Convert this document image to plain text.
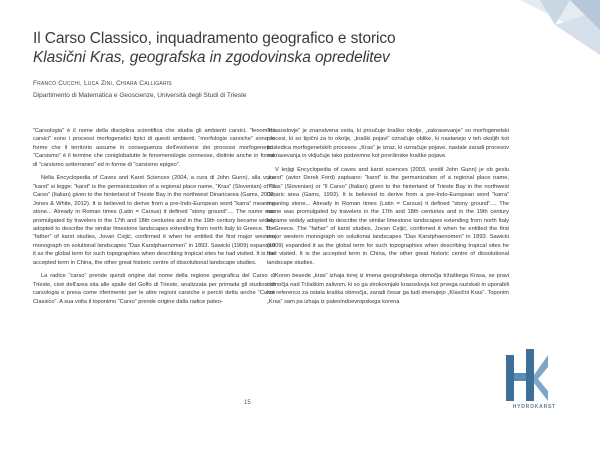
Il Carso Classico, inquadramento geografico e storico
Klasični Kras, geografska in zgodovinska opredelitev
Franco Cucchi, Luca Zini, Chiara Calligaris
Dipartimento di Matematica e Geoscienze, Università degli Studi di Trieste

“Carsologia” è il nome della disciplina scientifica che studia gli ambienti carsici, “fenomeni carsici” sono i processi morfogenetici tipici di questi ambienti, “morfologie carsiche” sono le forme che il territorio assume in conseguenza dell'evolversi dei processi morfogenetici. “Carsismo” è il termine che coniglobatutte le fenomenologie connesse, distinte anche in forme di “carsismo sotterraneo” ed in forme di “carsismo epigeo”.

Nella Encyclopedia of Caves and Karst Sciences (2004, a cura di John Gunn), alla voce “karst” si legge: “karst” is the germanicization of a regional place name, “Kras” (Slovenian) or “Il Carso” (Italian) given to the hinterland of Trieste Bay in the northwest Dinaricarea (Gams, 2003; Jones & White, 2012). It is believed to derive from a pre-Indo-European word “karra” meaning stone... Already in Roman times (Latin = Carsus) it defined “stony ground”.... The name was promulgated by travelers in the 17th and 18th centuries and in the 19th century became widely adopted to describe the similar limestone landscapes extending from north Italy to Greece. The “father” of karst studies, Jovan Cvijić, confirmed it when he entitled the first major western monograph on solutional landscapes “Das Karstphaenomen” in 1893. Sawicki (1909) expanded it as the global term for such topographies when describing tropical sites he had visited. It is the accepted term in China, the other great historic centre of dissolutional landscape studies.

La radice “carso” prende quindi origine dal nome della regione geografica del Carso di Trieste, cioè dell'area sita alle spalle del Golfo di Trieste, analizzata per primada gli studiosi di carsologia e presa come riferimento per le altre regioni carsiche e perciò detta anche “Carso Classico”. A sua volta il toponimo “Carso” prende origine dalla radice paleo-

“Krasoslovje” je znanstvena veda, ki proučuje kraško okolje, „zakrasevanje“ so morfogenetski procesi, ki so tipični za to okolje, „kraški pojavi“ označuje oblike, ki nastanejo v teh okoljih kot posledica morfogenetskih procesov. „Kras“ je izraz, ki označuje pojave, nastale zaradi procesov zakrasevanja in vključuje tako podzemne kot površinske kraške pojave.

V knjigi Encyclopedia of caves and karst sciences (2003, uredil John Gunn) je ob geslu „karst“ (avtor Derek Ford) zapisano: “karst” is the germanization of a regional place name, “Kras” (Slovenian) or “Il Carso” (Italian) given to the hinterland of Trieste Bay in the northwest Dinaric area (Gams, 1993). It is believed to derive from a pre-Indo-European word “karra” meaning stone... Already in Roman times (Latin = Carsus) it defined “stony ground”.... The name was promulgated by travelers in the 17th and 18th centuries and in the 19th century became widely adopted to describe the similar limestone landscapes extending from north Italy to Greece. The “father” of karst studies, Jovan Cvijić, confirmed it when he entitled the first major western monograph on solutional landscapes “Das Karstphaenomen” in 1893. Sawicki (1909) expanded it as the global term for such topographies when describing tropical sites he had visited. It is the accepted term in China, the other great historic centre of dissolutional landscape studies.

Koren besede „kras“ izhaja torej iz imena geografskega območja tržaškega Krasa, se pravi območja nad Tržaškim zalivom, ki so ga strokovnjaki krasoslovja kot prvega raziskali in uporabili kot referenco za ostala kraška območja, zaradi česar ga tudi imenujejo „Klasični Kras“. Toponim „Kras“ sam pa izhaja iz paleoindoevropskega korena

15
HYDROKARST
